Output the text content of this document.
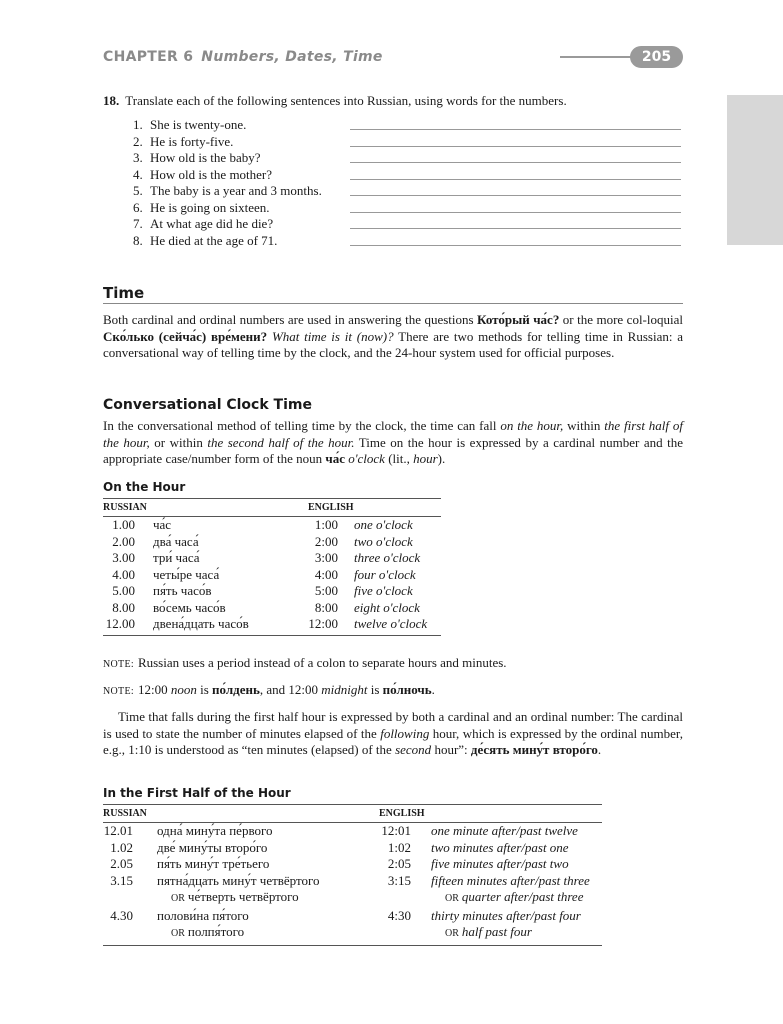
CHAPTER 6 Numbers, Dates, Time	205
18. Translate each of the following sentences into Russian, using words for the numbers.
1. She is twenty-one.
2. He is forty-five.
3. How old is the baby?
4. How old is the mother?
5. The baby is a year and 3 months.
6. He is going on sixteen.
7. At what age did he die?
8. He died at the age of 71.
Time
Both cardinal and ordinal numbers are used in answering the questions Кото́рый ча́с? or the more col-loquial Ско́лько (сейча́с) вре́мени? What time is it (now)? There are two methods for telling time in Russian: a conversational way of telling time by the clock, and the 24-hour system used for official purposes.
Conversational Clock Time
In the conversational method of telling time by the clock, the time can fall on the hour, within the first half of the hour, or within the second half of the hour. Time on the hour is expressed by a cardinal number and the appropriate case/number form of the noun ча́с o'clock (lit., hour).
On the Hour
RUSSIAN			ENGLISH		
1.00		ча́с	1:00		one o'clock
2.00		два́ часа́	2:00		two o'clock
3.00		три́ часа́	3:00		three o'clock
4.00		четы́ре часа́	4:00		four o'clock
5.00		пя́ть часо́в	5:00		five o'clock
8.00		во́семь часо́в	8:00		eight o'clock
12.00		двена́дцать часо́в	12:00		twelve o'clock
NOTE: Russian uses a period instead of a colon to separate hours and minutes.
NOTE: 12:00 noon is по́лдень, and 12:00 midnight is по́лночь.
Time that falls during the first half hour is expressed by both a cardinal and an ordinal number: The cardinal is used to state the number of minutes elapsed of the following hour, which is expressed by the ordinal number, e.g., 1:10 is understood as “ten minutes (elapsed) of the second hour”: де́сять мину́т второ́го.
In the First Half of the Hour
RUSSIAN			ENGLISH		
12.01		одна́ мину́та пе́рвого	12:01		one minute after/past twelve
1.02		две́ мину́ты второ́го	1:02		two minutes after/past one
2.05		пя́ть мину́т тре́тьего	2:05		five minutes after/past two
3.15		пятна́дцать мину́т четвёртого	3:15		fifteen minutes after/past three
		OR че́тверть четвёртого			OR quarter after/past three
4.30		полови́на пя́того	4:30		thirty minutes after/past four
		OR полпя́того			OR half past four
